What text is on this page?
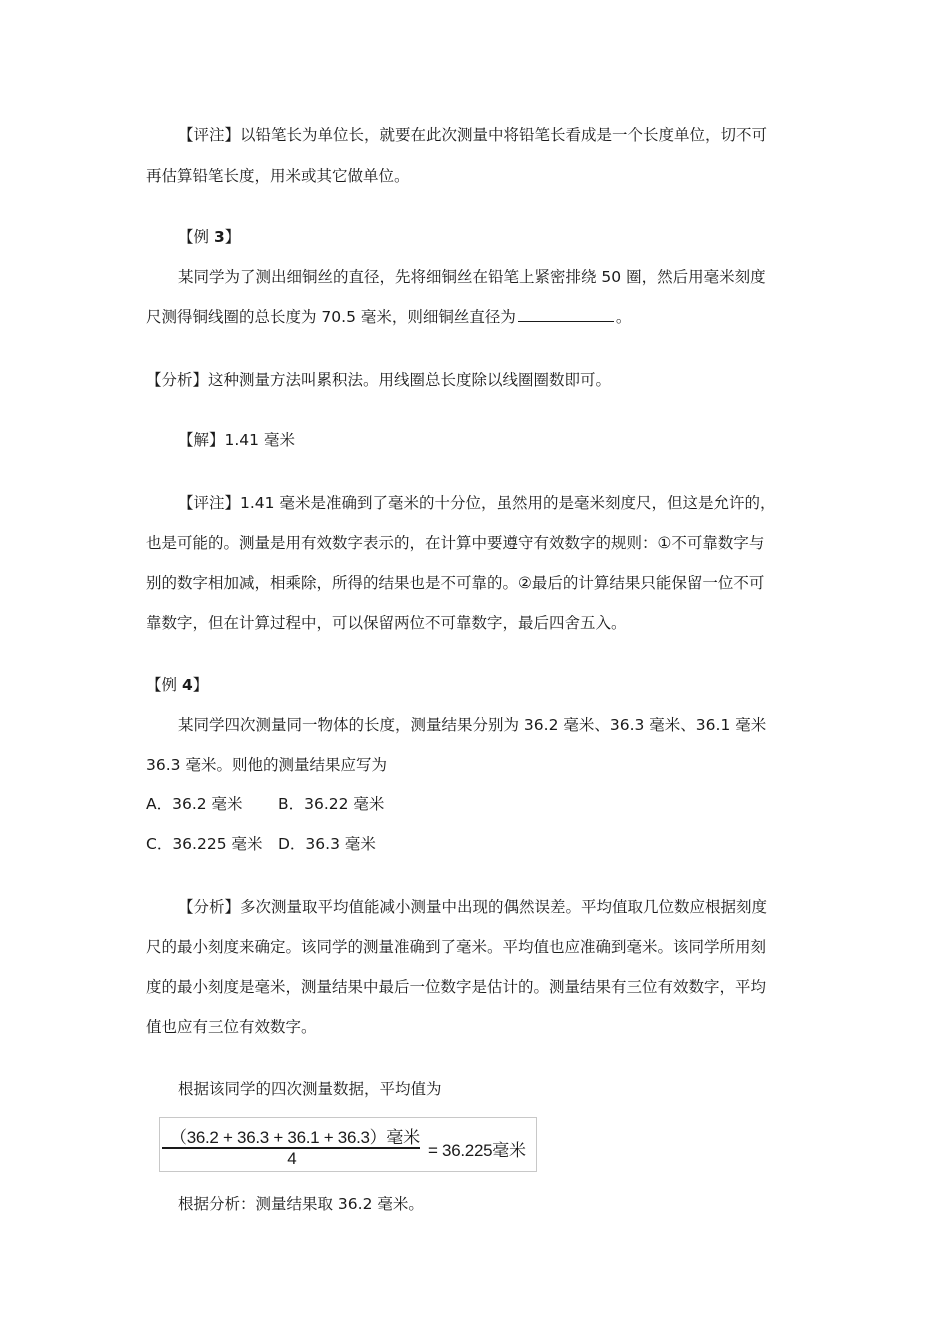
【评注】以铅笔长为单位长，就要在此次测量中将铅笔长看成是一个长度单位，切不可
再估算铅笔长度，用米或其它做单位。
【例 3】
某同学为了测出细铜丝的直径，先将细铜丝在铅笔上紧密排绕 50 圈，然后用毫米刻度
尺测得铜线圈的总长度为 70.5 毫米，则细铜丝直径为	。
【分析】这种测量方法叫累积法。用线圈总长度除以线圈圈数即可。
【解】1.41 毫米
【评注】1.41 毫米是准确到了毫米的十分位，虽然用的是毫米刻度尺，但这是允许的，
也是可能的。测量是用有效数字表示的，在计算中要遵守有效数字的规则：①不可靠数字与
别的数字相加减，相乘除，所得的结果也是不可靠的。②最后的计算结果只能保留一位不可
靠数字，但在计算过程中，可以保留两位不可靠数字，最后四舍五入。
【例 4】
某同学四次测量同一物体的长度，测量结果分别为 36.2 毫米、36.3 毫米、36.1 毫米
36.3 毫米。则他的测量结果应写为
A．36.2 毫米 B．36.22 毫米
C．36.225 毫米 D．36.3 毫米
【分析】多次测量取平均值能减小测量中出现的偶然误差。平均值取几位数应根据刻度
尺的最小刻度来确定。该同学的测量准确到了毫米。平均值也应准确到毫米。该同学所用刻
度的最小刻度是毫米，测量结果中最后一位数字是估计的。测量结果有三位有效数字，平均
值也应有三位有效数字。
根据该同学的四次测量数据，平均值为
（36.2 + 36.3 + 36.1 + 36.3）毫米
4	= 36.225毫米
根据分析：测量结果取 36.2 毫米。
